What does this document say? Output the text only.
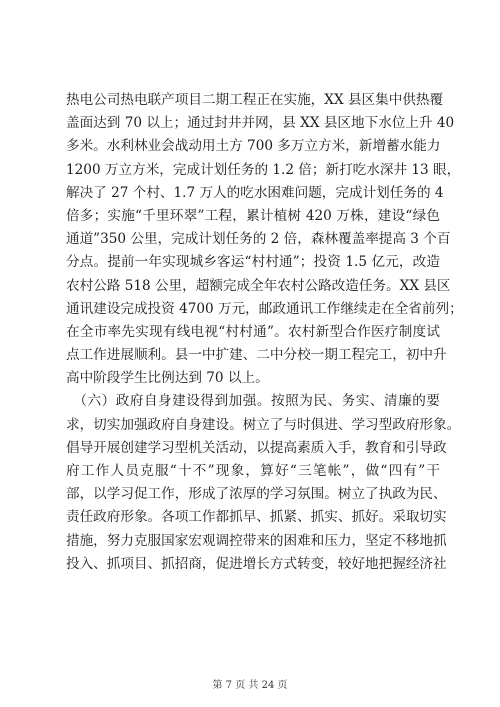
热电公司热电联产项目二期工程正在实施，XX 县区集中供热覆
盖面达到 70 以上；通过封井并网，县 XX 县区地下水位上升 40
多米。水利林业会战动用土方 700 多万立方米，新增蓄水能力
1200 万立方米，完成计划任务的 1.2 倍；新打吃水深井 13 眼，
解决了 27 个村、1.7 万人的吃水困难问题，完成计划任务的 4
倍多；实施“千里环翠”工程，累计植树 420 万株，建设“绿色
通道”350 公里，完成计划任务的 2 倍，森林覆盖率提高 3 个百
分点。提前一年实现城乡客运“村村通”；投资 1.5 亿元，改造
农村公路 518 公里，超额完成全年农村公路改造任务。XX 县区
通讯建设完成投资 4700 万元，邮政通讯工作继续走在全省前列；
在全市率先实现有线电视“村村通”。农村新型合作医疗制度试
点工作进展顺利。县一中扩建、二中分校一期工程完工，初中升
高中阶段学生比例达到 70 以上。
　（六）政府自身建设得到加强。按照为民、务实、清廉的要
求，切实加强政府自身建设。树立了与时俱进、学习型政府形象。
倡导开展创建学习型机关活动，以提高素质入手，教育和引导政
府工作人员克服“十不”现象，算好“三笔帐”，做“四有”干
部，以学习促工作，形成了浓厚的学习氛围。树立了执政为民、
责任政府形象。各项工作都抓早、抓紧、抓实、抓好。采取切实
措施，努力克服国家宏观调控带来的困难和压力，坚定不移地抓
投入、抓项目、抓招商，促进增长方式转变，较好地把握经济社
第 7 页 共 24 页
